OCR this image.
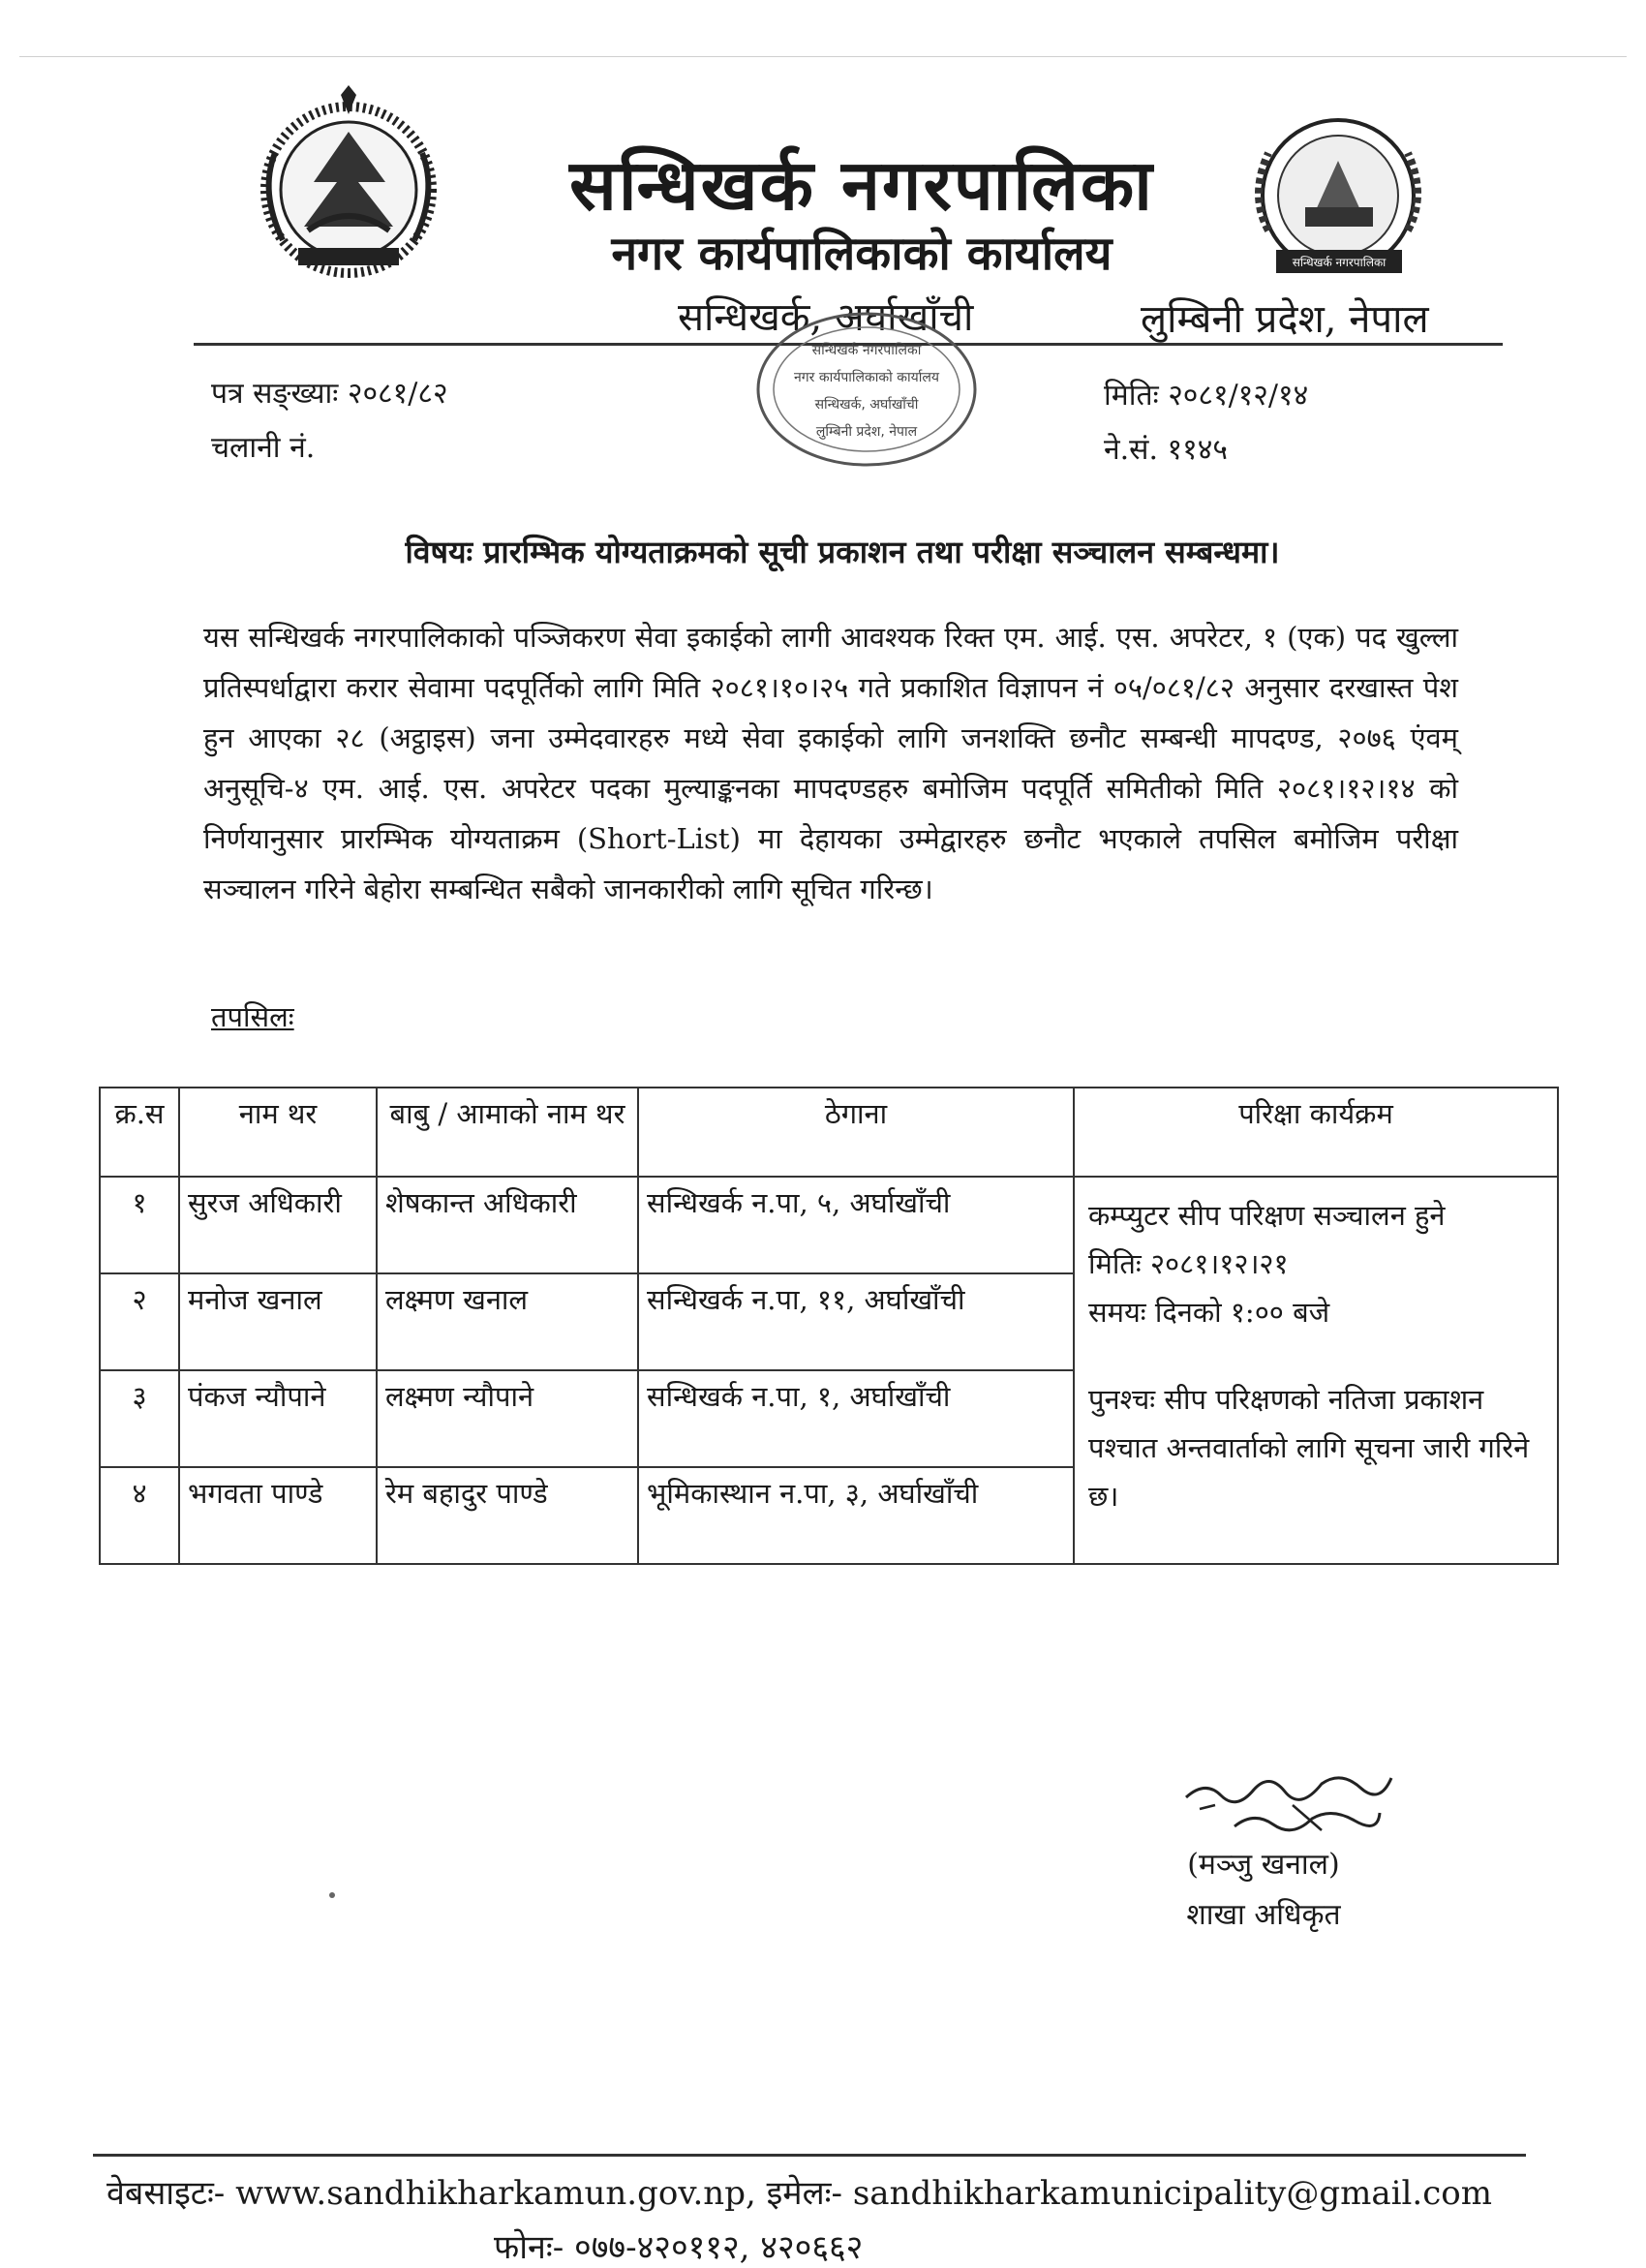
सन्धिखर्क नगरपालिका
नगर कार्यपालिकाको कार्यालय
सन्धिखर्क, अर्घाखाँची	लुम्बिनी प्रदेश, नेपाल
सन्धिखर्क नगरपालिका
पत्र सङ्ख्याः २०८१/८२
चलानी नं.
मितिः २०८१/१२/१४
ने.सं. ११४५
सन्धिखर्क नगरपालिका
नगर कार्यपालिकाको कार्यालय
सन्धिखर्क, अर्घाखाँची
लुम्बिनी प्रदेश, नेपाल
विषयः प्रारम्भिक योग्यताक्रमको सूची प्रकाशन तथा परीक्षा सञ्चालन सम्बन्धमा।
यस सन्धिखर्क नगरपालिकाको पञ्जिकरण सेवा इकाईको लागी आवश्यक रिक्त एम. आई. एस. अपरेटर, १ (एक) पद खुल्ला प्रतिस्पर्धाद्वारा करार सेवामा पदपूर्तिको लागि मिति २०८१।१०।२५ गते प्रकाशित विज्ञापन नं ०५/०८१/८२ अनुसार दरखास्त पेश हुन आएका २८ (अट्ठाइस) जना उम्मेदवारहरु मध्ये सेवा इकाईको लागि जनशक्ति छनौट सम्बन्धी मापदण्ड, २०७६ एंवम् अनुसूचि-४ एम. आई. एस. अपरेटर पदका मुल्याङ्कनका मापदण्डहरु बमोजिम पदपूर्ति समितीको मिति २०८१।१२।१४ को निर्णयानुसार प्रारम्भिक योग्यताक्रम (Short-List) मा देहायका उम्मेद्वारहरु छनौट भएकाले तपसिल बमोजिम परीक्षा सञ्चालन गरिने बेहोरा सम्बन्धित सबैको जानकारीको लागि सूचित गरिन्छ।
तपसिलः
क्र.स	नाम थर	बाबु / आमाको नाम थर	ठेगाना	परिक्षा कार्यक्रम
१	सुरज अधिकारी	शेषकान्त अधिकारी	सन्धिखर्क न.पा, ५, अर्घाखाँची	कम्प्युटर सीप परिक्षण सञ्चालन हुने
मितिः २०८१।१२।२१
समयः दिनको १:०० बजे
पुनश्चः सीप परिक्षणको नतिजा प्रकाशन पश्चात अन्तवार्ताको लागि सूचना जारी गरिने छ।

२	मनोज खनाल	लक्ष्मण खनाल	सन्धिखर्क न.पा, ११, अर्घाखाँची	
३	पंकज न्यौपाने	लक्ष्मण न्यौपाने	सन्धिखर्क न.पा, १, अर्घाखाँची	
४	भगवता पाण्डे	रेम बहादुर पाण्डे	भूमिकास्थान न.पा, ३, अर्घाखाँची	
११-१२-२०८१ १२।१४
(मञ्जु खनाल)
शाखा अधिकृत
वेबसाइटः- www.sandhikharkamun.gov.np, इमेलः- sandhikharkamunicipality@gmail.com
फोनः- ०७७-४२०११२, ४२०६६२
